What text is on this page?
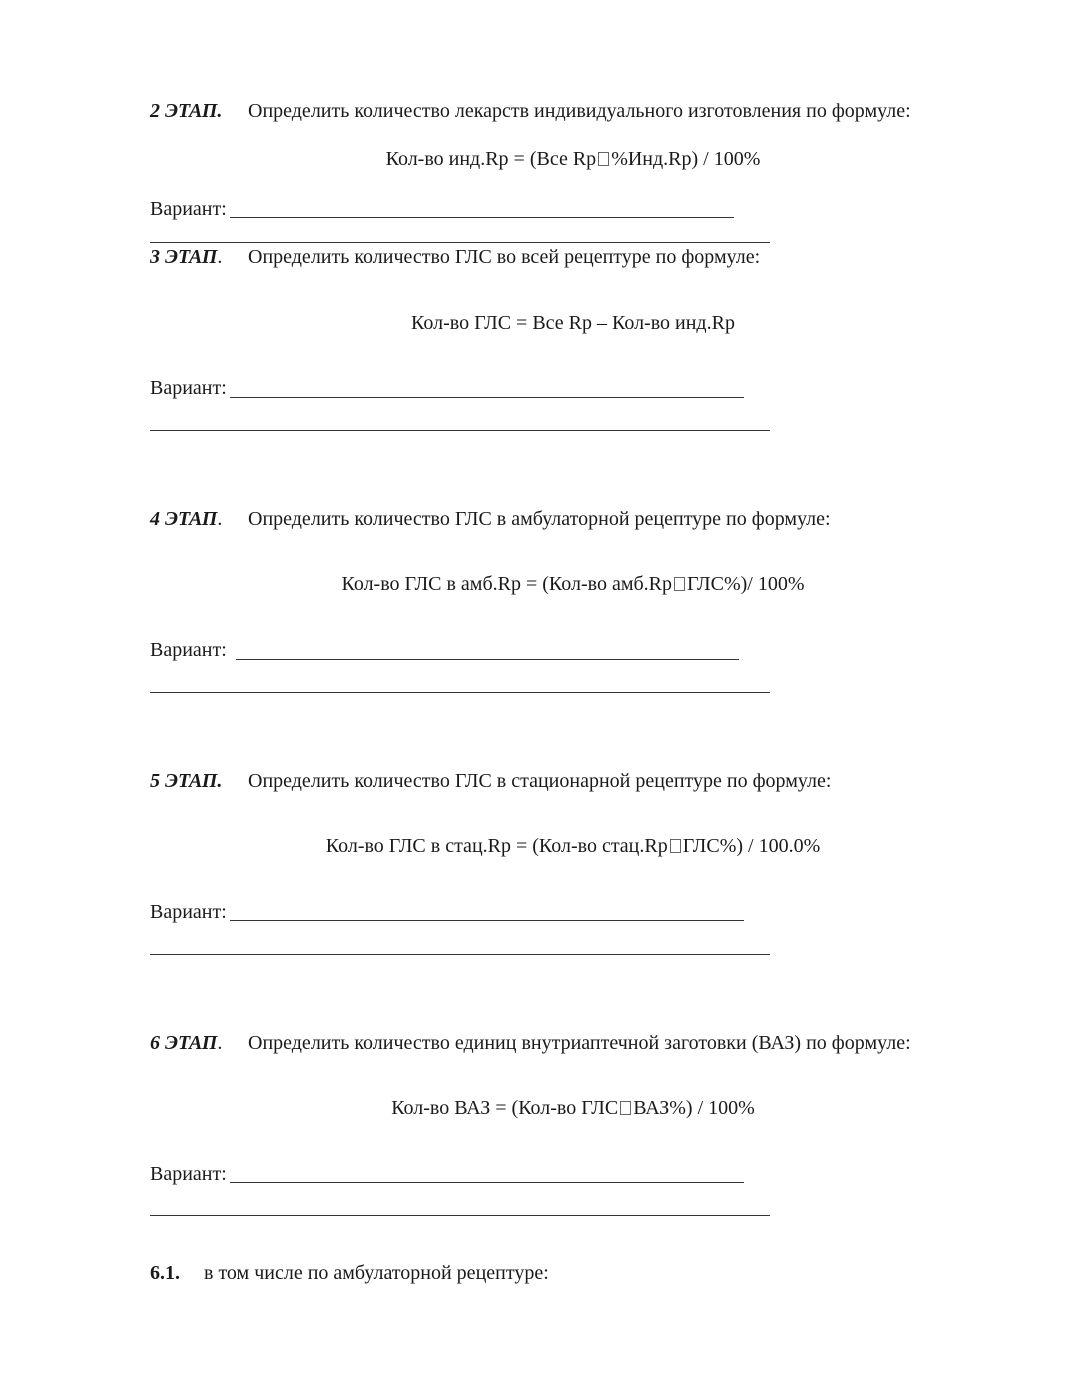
2 ЭТАП. Определить количество лекарств индивидуального изготовления по формуле:
Кол-во инд.Rp = (Все Rp %Инд.Rp) / 100%
Вариант:
3 ЭТАП. Определить количество ГЛС во всей рецептуре по формуле:
Кол-во ГЛС = Все Rp – Кол-во инд.Rp
Вариант:
4 ЭТАП. Определить количество ГЛС в амбулаторной рецептуре по формуле:
Кол-во ГЛС в амб.Rp = (Кол-во амб.Rp ГЛС%)/ 100%
Вариант:
5 ЭТАП. Определить количество ГЛС в стационарной рецептуре по формуле:
Кол-во ГЛС в стац.Rp = (Кол-во стац.Rp ГЛС%) / 100.0%
Вариант:
6 ЭТАП. Определить количество единиц внутриаптечной заготовки (ВАЗ) по формуле:
Кол-во ВАЗ = (Кол-во ГЛС ВАЗ%) / 100%
Вариант:
6.1. в том числе по амбулаторной рецептуре:
